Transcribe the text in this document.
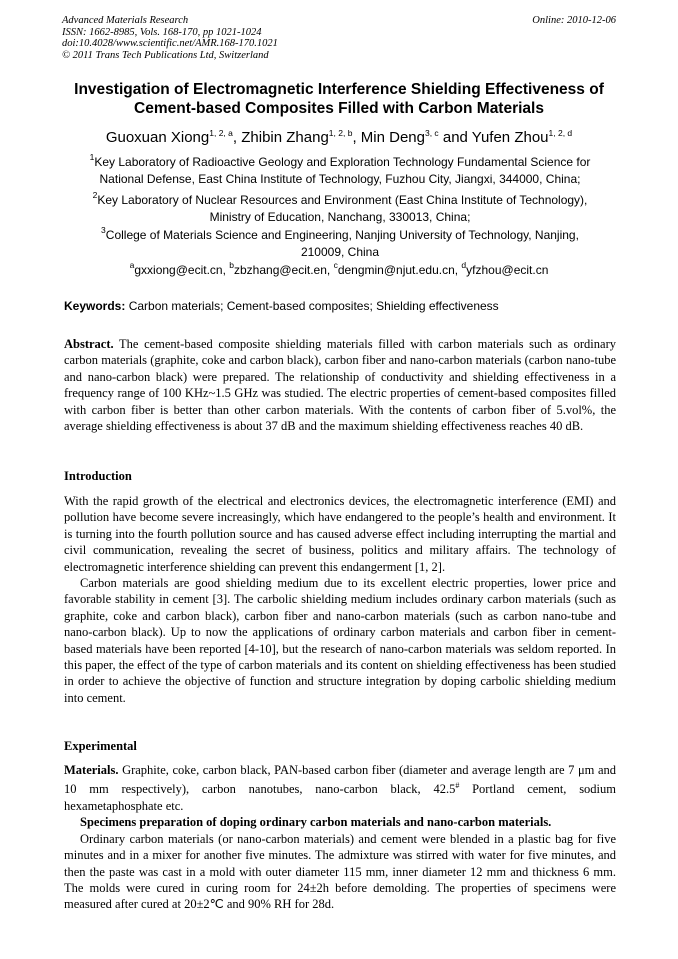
Advanced Materials Research
ISSN: 1662-8985, Vols. 168-170, pp 1021-1024
doi:10.4028/www.scientific.net/AMR.168-170.1021
© 2011 Trans Tech Publications Ltd, Switzerland
Online: 2010-12-06
Investigation of Electromagnetic Interference Shielding Effectiveness of
Cement-based Composites Filled with Carbon Materials
Guoxuan Xiong$^{1, 2, a}$, Zhibin Zhang$^{1, 2, b}$, Min Deng$^{3, c}$ and Yufen Zhou$^{1, 2, d}$
$^1$Key Laboratory of Radioactive Geology and Exploration Technology Fundamental Science for
National Defense, East China Institute of Technology, Fuzhou City, Jiangxi, 344000, China;
$^2$Key Laboratory of Nuclear Resources and Environment (East China Institute of Technology),
Ministry of Education, Nanchang, 330013, China;
$^3$College of Materials Science and Engineering, Nanjing University of Technology, Nanjing,
210009, China
$^a$gxxiong@ecit.cn, $^b$zbzhang@ecit.en, $^c$dengmin@njut.edu.cn, $^d$yfzhou@ecit.cn
Keywords: Carbon materials; Cement-based composites; Shielding effectiveness

Abstract. The cement-based composite shielding materials filled with carbon materials such as ordinary carbon materials (graphite, coke and carbon black), carbon fiber and nano-carbon materials (carbon nano-tube and nano-carbon black) were prepared. The relationship of conductivity and shielding effectiveness in a frequency range of 100 KHz~1.5 GHz was studied. The electric properties of cement-based composites filled with carbon fiber is better than other carbon materials. With the contents of carbon fiber of 5.vol%, the average shielding effectiveness is about 37 dB and the maximum shielding effectiveness reaches 40 dB.

Introduction

With the rapid growth of the electrical and electronics devices, the electromagnetic interference (EMI) and pollution have become severe increasingly, which have endangered to the people’s health and environment. It is turning into the fourth pollution source and has caused adverse effect including interrupting the martial and civil communication, revealing the secret of business, politics and military affairs. The technology of electromagnetic interference shielding can prevent this endangerment [1, 2].

Carbon materials are good shielding medium due to its excellent electric properties, lower price and favorable stability in cement [3]. The carbolic shielding medium includes ordinary carbon materials (such as graphite, coke and carbon black), carbon fiber and nano-carbon materials (such as carbon nano-tube and nano-carbon black). Up to now the applications of ordinary carbon materials and carbon fiber in cement-based materials have been reported [4-10], but the research of nano-carbon materials was seldom reported. In this paper, the effect of the type of carbon materials and its content on shielding effectiveness has been studied in order to achieve the objective of function and structure integration by doping carbolic shielding medium into cement.

Experimental

Materials. Graphite, coke, carbon black, PAN-based carbon fiber (diameter and average length are 7 μm and 10 mm respectively), carbon nanotubes, nano-carbon black, 42.5# Portland cement, sodium hexametaphosphate etc.

Specimens preparation of doping ordinary carbon materials and nano-carbon materials.

Ordinary carbon materials (or nano-carbon materials) and cement were blended in a plastic bag for five minutes and in a mixer for another five minutes. The admixture was stirred with water for five minutes, and then the paste was cast in a mold with outer diameter 115 mm, inner diameter 12 mm and thickness 6 mm. The molds were cured in curing room for 24±2h before demolding. The properties of specimens were measured after cured at 20±2℃ and 90% RH for 28d.
